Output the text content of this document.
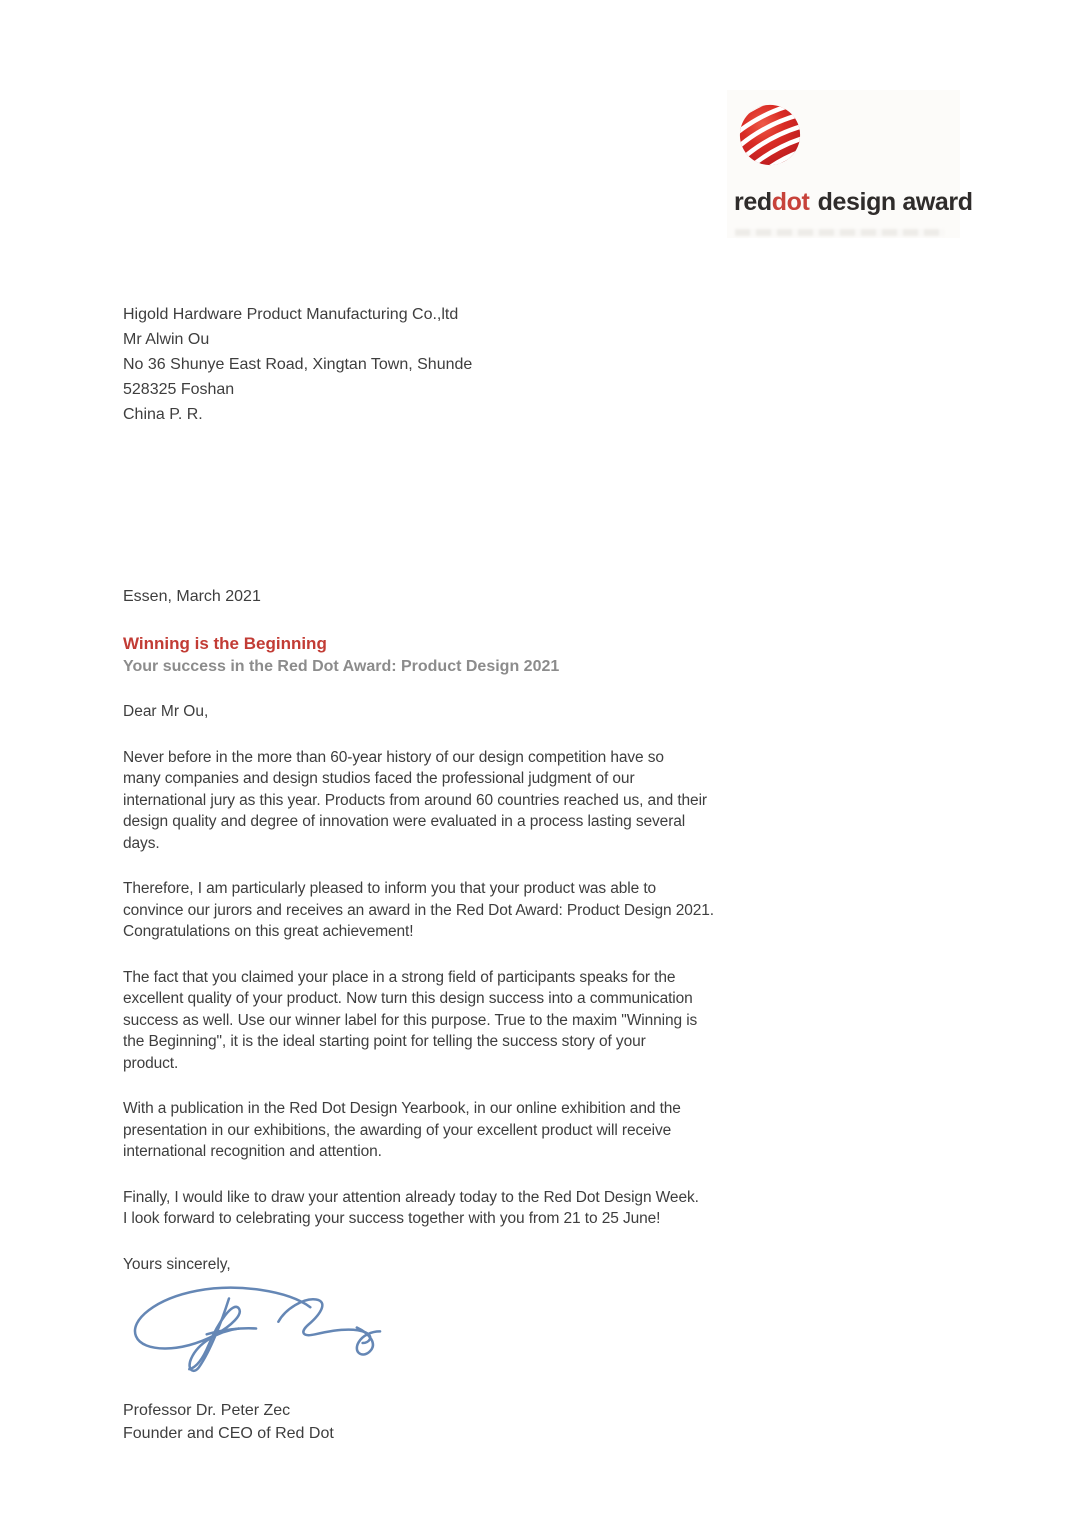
reddot design award
Higold Hardware Product Manufacturing Co.,ltd
Mr Alwin Ou
No 36 Shunye East Road, Xingtan Town, Shunde
528325 Foshan
China P. R.
Essen, March 2021
Winning is the Beginning
Your success in the Red Dot Award: Product Design 2021
Dear Mr Ou,
Never before in the more than 60-year history of our design competition have so
many companies and design studios faced the professional judgment of our
international jury as this year. Products from around 60 countries reached us, and their
design quality and degree of innovation were evaluated in a process lasting several
days.
Therefore, I am particularly pleased to inform you that your product was able to
convince our jurors and receives an award in the Red Dot Award: Product Design 2021.
Congratulations on this great achievement!
The fact that you claimed your place in a strong field of participants speaks for the
excellent quality of your product. Now turn this design success into a communication
success as well. Use our winner label for this purpose. True to the maxim "Winning is
the Beginning", it is the ideal starting point for telling the success story of your
product.
With a publication in the Red Dot Design Yearbook, in our online exhibition and the
presentation in our exhibitions, the awarding of your excellent product will receive
international recognition and attention.
Finally, I would like to draw your attention already today to the Red Dot Design Week.
I look forward to celebrating your success together with you from 21 to 25 June!
Yours sincerely,
Professor Dr. Peter Zec
Founder and CEO of Red Dot
